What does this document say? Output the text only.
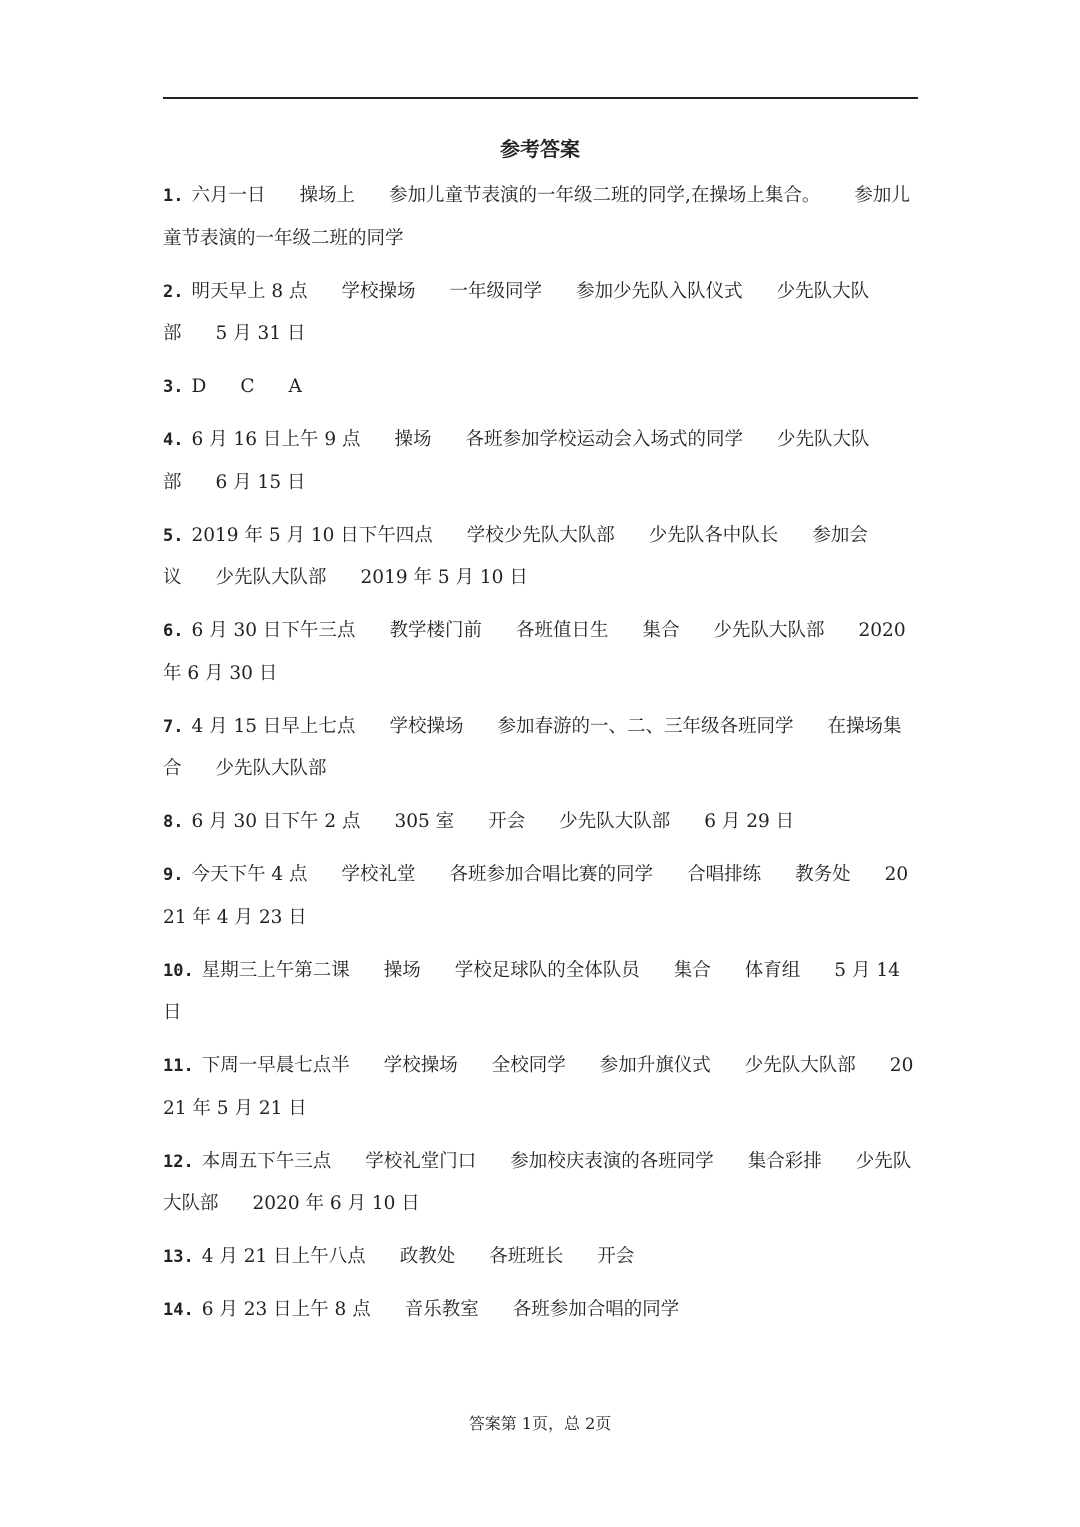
参考答案
1. 六月一日 操场上 参加儿童节表演的一年级二班的同学,在操场上集合。 参加儿童节表演的一年级二班的同学
2. 明天早上 8 点 学校操场 一年级同学 参加少先队入队仪式 少先队大队部 5 月 31 日
3. D C A
4. 6 月 16 日上午 9 点 操场 各班参加学校运动会入场式的同学 少先队大队部 6 月 15 日
5. 2019 年 5 月 10 日下午四点 学校少先队大队部 少先队各中队长 参加会议 少先队大队部 2019 年 5 月 10 日
6. 6 月 30 日下午三点 教学楼门前 各班值日生 集合 少先队大队部 2020 年 6 月 30 日
7. 4 月 15 日早上七点 学校操场 参加春游的一、二、三年级各班同学 在操场集合 少先队大队部
8. 6 月 30 日下午 2 点 305 室 开会 少先队大队部 6 月 29 日
9. 今天下午 4 点 学校礼堂 各班参加合唱比赛的同学 合唱排练 教务处 2021 年 4 月 23 日
10. 星期三上午第二课 操场 学校足球队的全体队员 集合 体育组 5 月 14 日
11. 下周一早晨七点半 学校操场 全校同学 参加升旗仪式 少先队大队部 2021 年 5 月 21 日
12. 本周五下午三点 学校礼堂门口 参加校庆表演的各班同学 集合彩排 少先队大队部 2020 年 6 月 10 日
13. 4 月 21 日上午八点 政教处 各班班长 开会
14. 6 月 23 日上午 8 点 音乐教室 各班参加合唱的同学
答案第 1页，总 2页
